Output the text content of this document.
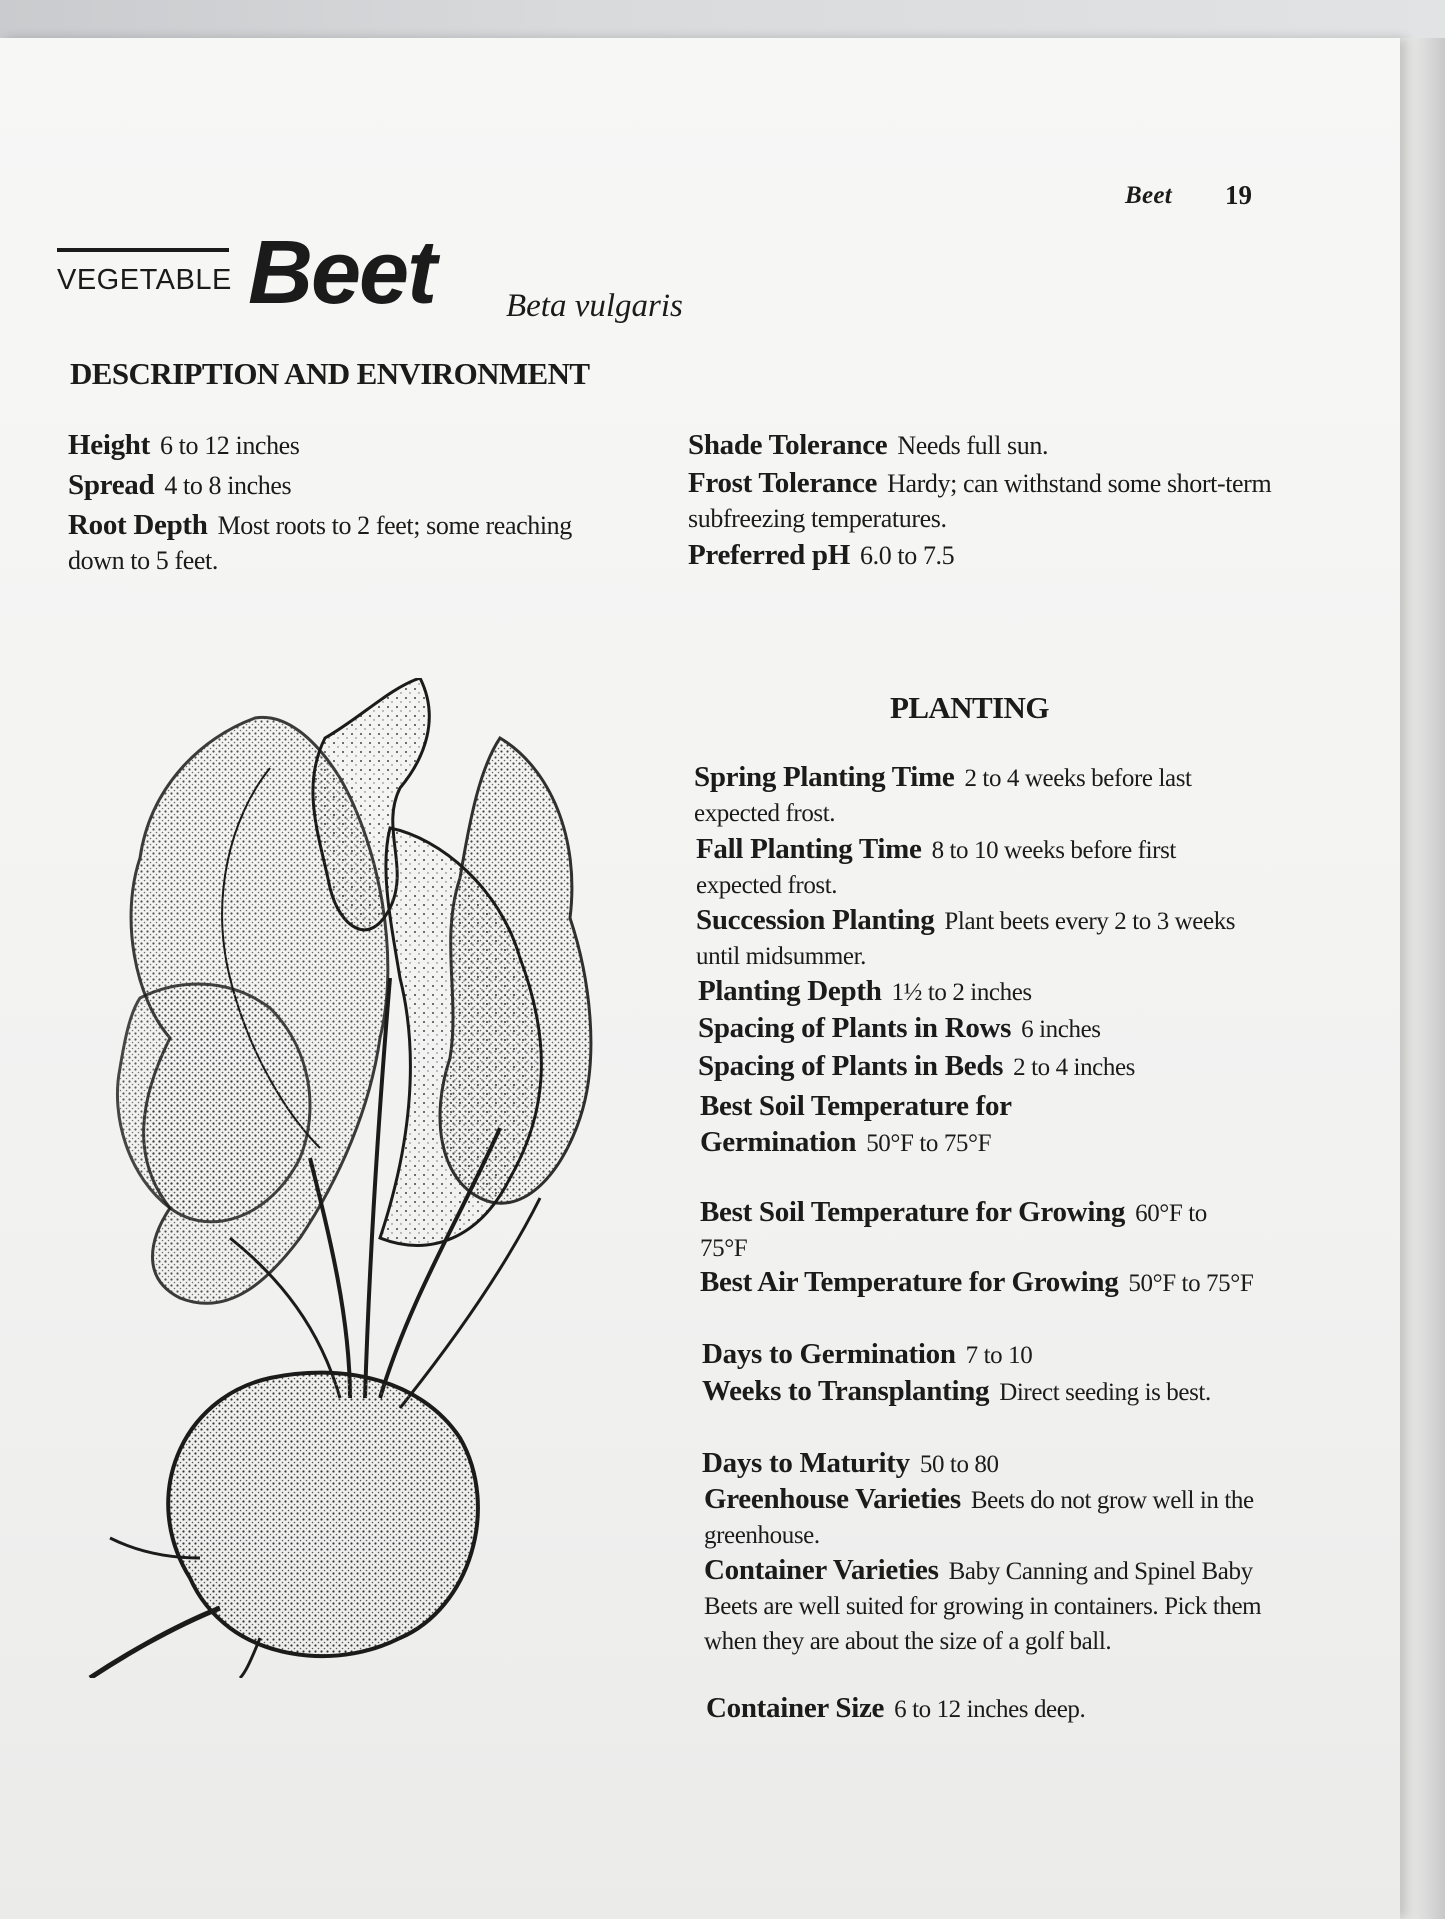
Beet 19
VEGETABLE Beet Beta vulgaris
DESCRIPTION AND ENVIRONMENT
Height 6 to 12 inches
Spread 4 to 8 inches
Root Depth Most roots to 2 feet; some reaching down to 5 feet.
Shade Tolerance Needs full sun.
Frost Tolerance Hardy; can withstand some short-term subfreezing temperatures.
Preferred pH 6.0 to 7.5
PLANTING
Spring Planting Time 2 to 4 weeks before last expected frost.
Fall Planting Time 8 to 10 weeks before first expected frost.
Succession Planting Plant beets every 2 to 3 weeks until midsummer.
Planting Depth 1½ to 2 inches
Spacing of Plants in Rows 6 inches
Spacing of Plants in Beds 2 to 4 inches
Best Soil Temperature for Germination 50°F to 75°F
Best Soil Temperature for Growing 60°F to 75°F
Best Air Temperature for Growing 50°F to 75°F
Days to Germination 7 to 10
Weeks to Transplanting Direct seeding is best.
Days to Maturity 50 to 80
Greenhouse Varieties Beets do not grow well in the greenhouse.
Container Varieties Baby Canning and Spinel Baby Beets are well suited for growing in containers. Pick them when they are about the size of a golf ball.
Container Size 6 to 12 inches deep.
